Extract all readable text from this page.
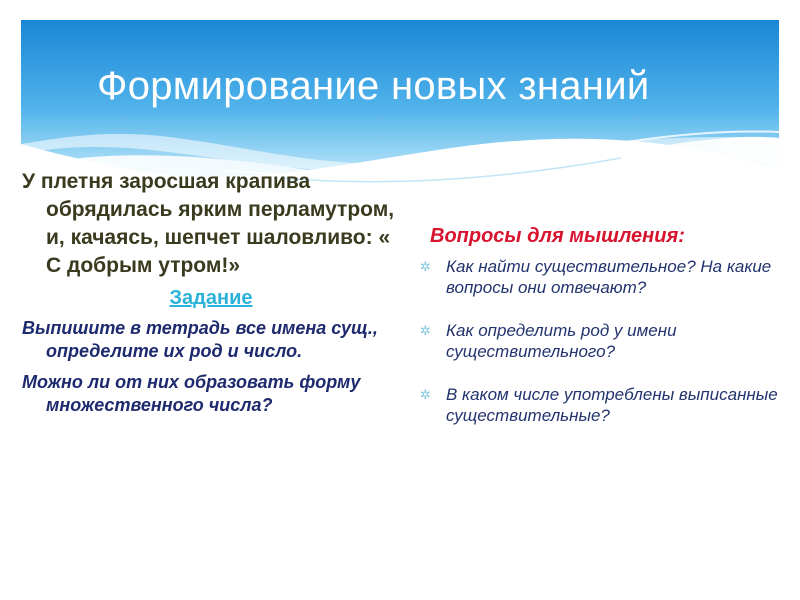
Формирование новых знаний

У плетня заросшая крапива обрядилась ярким перламутром, и, качаясь, шепчет шаловливо: « С добрым утром!»

Задание

Выпишите в тетрадь все имена сущ., определите их род и число.

Можно ли от них образовать форму множественного числа?

Вопросы для мышления:
✲ Как найти существительное? На какие вопросы они отвечают?
✲ Как определить род у имени существительного?
✲ В каком числе употреблены выписанные существительные?
